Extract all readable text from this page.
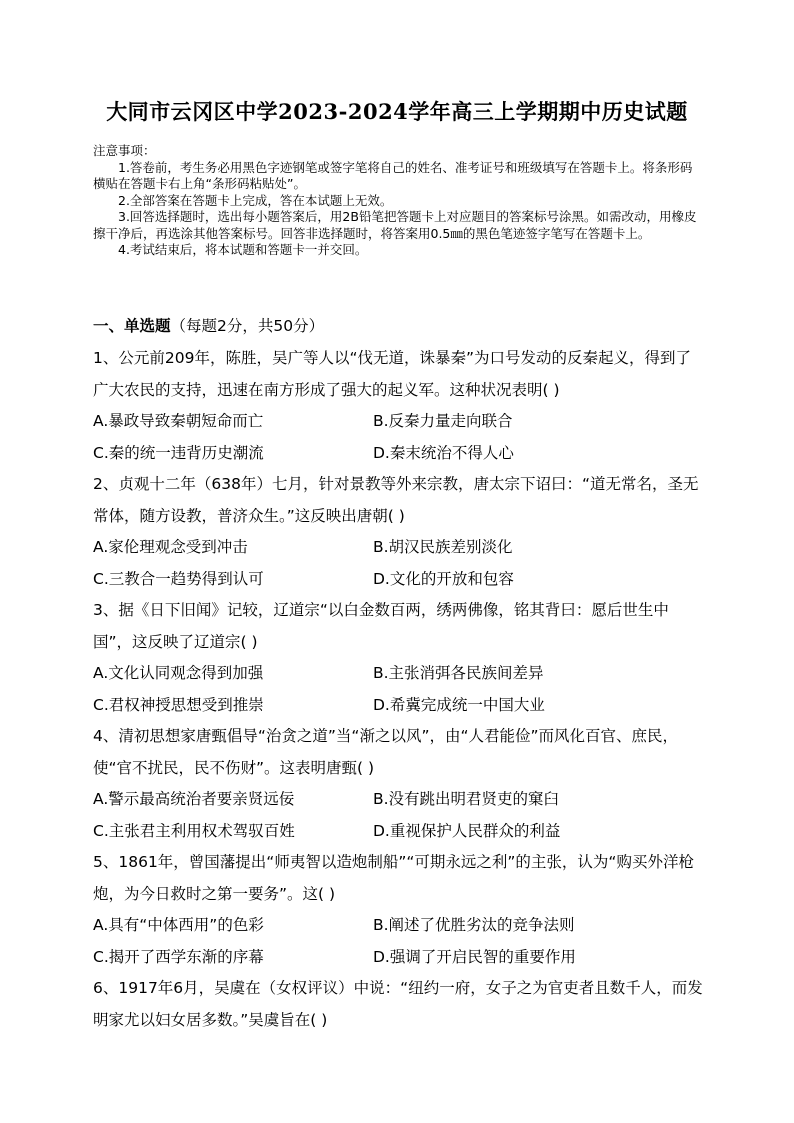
大同市云冈区中学2023-2024学年高三上学期期中历史试题

注意事项：

1.答卷前，考生务必用黑色字迹钢笔或签字笔将自己的姓名、准考证号和班级填写在答题卡上。将条形码横贴在答题卡右上角“条形码粘贴处”。

2.全部答案在答题卡上完成，答在本试题上无效。

3.回答选择题时，选出每小题答案后，用2B铅笔把答题卡上对应题目的答案标号涂黑。如需改动，用橡皮擦干净后，再选涂其他答案标号。回答非选择题时，将答案用0.5㎜的黑色笔迹签字笔写在答题卡上。

4.考试结束后，将本试题和答题卡一并交回。

一、单选题（每题2分，共50分）

1、公元前209年，陈胜，吴广等人以“伐无道，诛暴秦”为口号发动的反秦起义，得到了广大农民的支持，迅速在南方形成了强大的起义军。这种状况表明( )

A.暴政导致秦朝短命而亡	B.反秦力量走向联合
C.秦的统一违背历史潮流	D.秦末统治不得人心

2、贞观十二年（638年）七月，针对景教等外来宗教，唐太宗下诏曰：“道无常名，圣无常体，随方设教，普济众生。”这反映出唐朝( )

A.家伦理观念受到冲击	B.胡汉民族差别淡化
C.三教合一趋势得到认可	D.文化的开放和包容

3、据《日下旧闻》记较，辽道宗“以白金数百两，绣两佛像，铭其背曰：愿后世生中国”，这反映了辽道宗( )

A.文化认同观念得到加强	B.主张消弭各民族间差异
C.君权神授思想受到推崇	D.希冀完成统一中国大业

4、清初思想家唐甄倡导“治贪之道”当“渐之以风”，由“人君能俭”而风化百官、庶民，使“官不扰民，民不伤财”。这表明唐甄( )

A.警示最高统治者要亲贤远佞	B.没有跳出明君贤吏的窠臼
C.主张君主利用权术驾驭百姓	D.重视保护人民群众的利益

5、1861年，曾国藩提出“师夷智以造炮制船”“可期永远之利”的主张，认为“购买外洋枪炮，为今日救时之第一要务”。这( )

A.具有“中体西用”的色彩	B.阐述了优胜劣汰的竞争法则
C.揭开了西学东渐的序幕	D.强调了开启民智的重要作用

6、1917年6月，吴虞在（女权评议）中说：“纽约一府，女子之为官吏者且数千人，而发明家尤以妇女居多数。”吴虞旨在( )
